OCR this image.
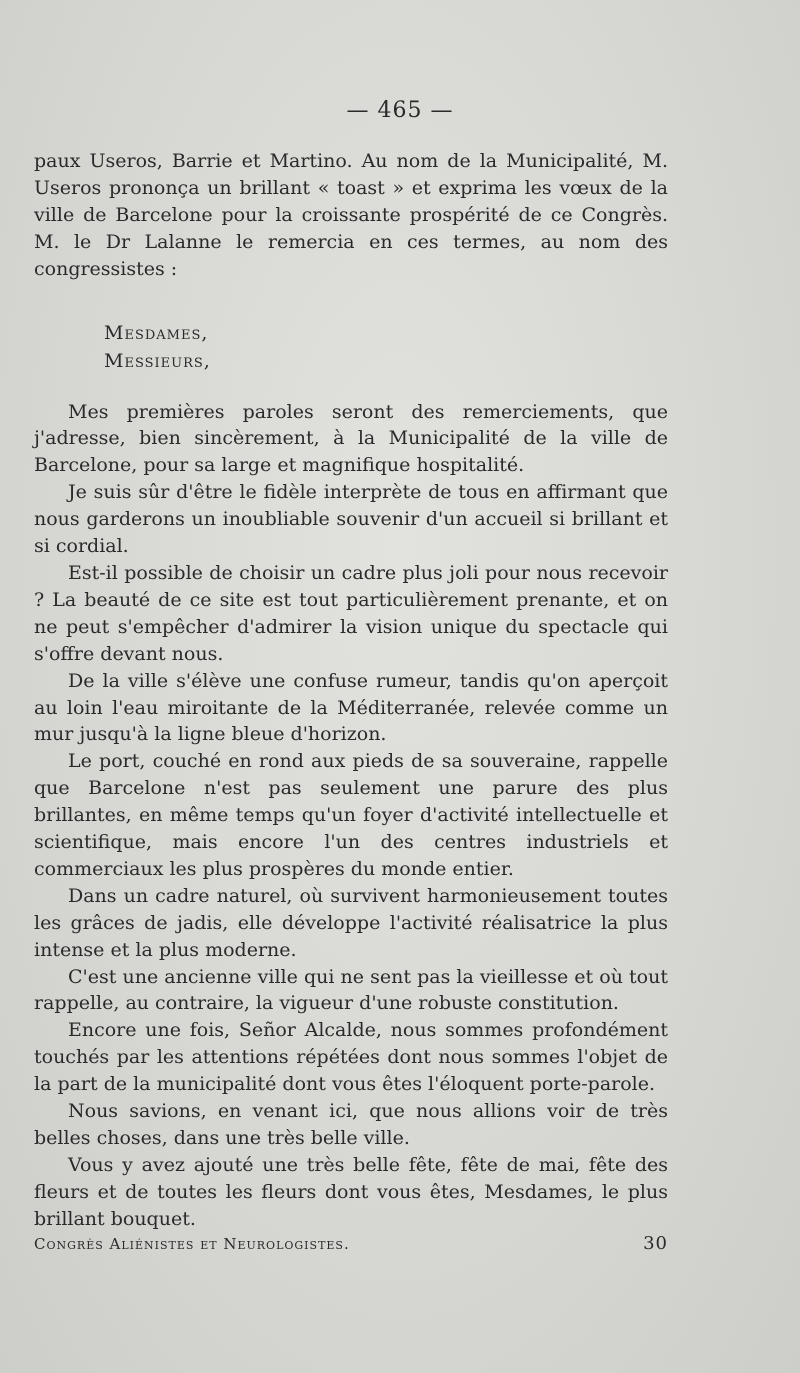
— 465 —

paux Useros, Barrie et Martino. Au nom de la Municipalité, M. Useros prononça un brillant « toast » et exprima les vœux de la ville de Barcelone pour la croissante prospérité de ce Congrès. M. le Dr Lalanne le remercia en ces termes, au nom des congressistes :

Mesdames,
Messieurs,

Mes premières paroles seront des remerciements, que j'adresse, bien sincèrement, à la Municipalité de la ville de Barcelone, pour sa large et magnifique hospitalité.

Je suis sûr d'être le fidèle interprète de tous en affirmant que nous garderons un inoubliable souvenir d'un accueil si brillant et si cordial.

Est-il possible de choisir un cadre plus joli pour nous recevoir ? La beauté de ce site est tout particulièrement prenante, et on ne peut s'empêcher d'admirer la vision unique du spectacle qui s'offre devant nous.

De la ville s'élève une confuse rumeur, tandis qu'on aperçoit au loin l'eau miroitante de la Méditerranée, relevée comme un mur jusqu'à la ligne bleue d'horizon.

Le port, couché en rond aux pieds de sa souveraine, rappelle que Barcelone n'est pas seulement une parure des plus brillantes, en même temps qu'un foyer d'activité intellectuelle et scientifique, mais encore l'un des centres industriels et commerciaux les plus prospères du monde entier.

Dans un cadre naturel, où survivent harmonieusement toutes les grâces de jadis, elle développe l'activité réalisatrice la plus intense et la plus moderne.

C'est une ancienne ville qui ne sent pas la vieillesse et où tout rappelle, au contraire, la vigueur d'une robuste constitution.

Encore une fois, Señor Alcalde, nous sommes profondément touchés par les attentions répétées dont nous sommes l'objet de la part de la municipalité dont vous êtes l'éloquent porte-parole.

Nous savions, en venant ici, que nous allions voir de très belles choses, dans une très belle ville.

Vous y avez ajouté une très belle fête, fête de mai, fête des fleurs et de toutes les fleurs dont vous êtes, Mesdames, le plus brillant bouquet.

Congrès Aliénistes et Neurologistes.	30
